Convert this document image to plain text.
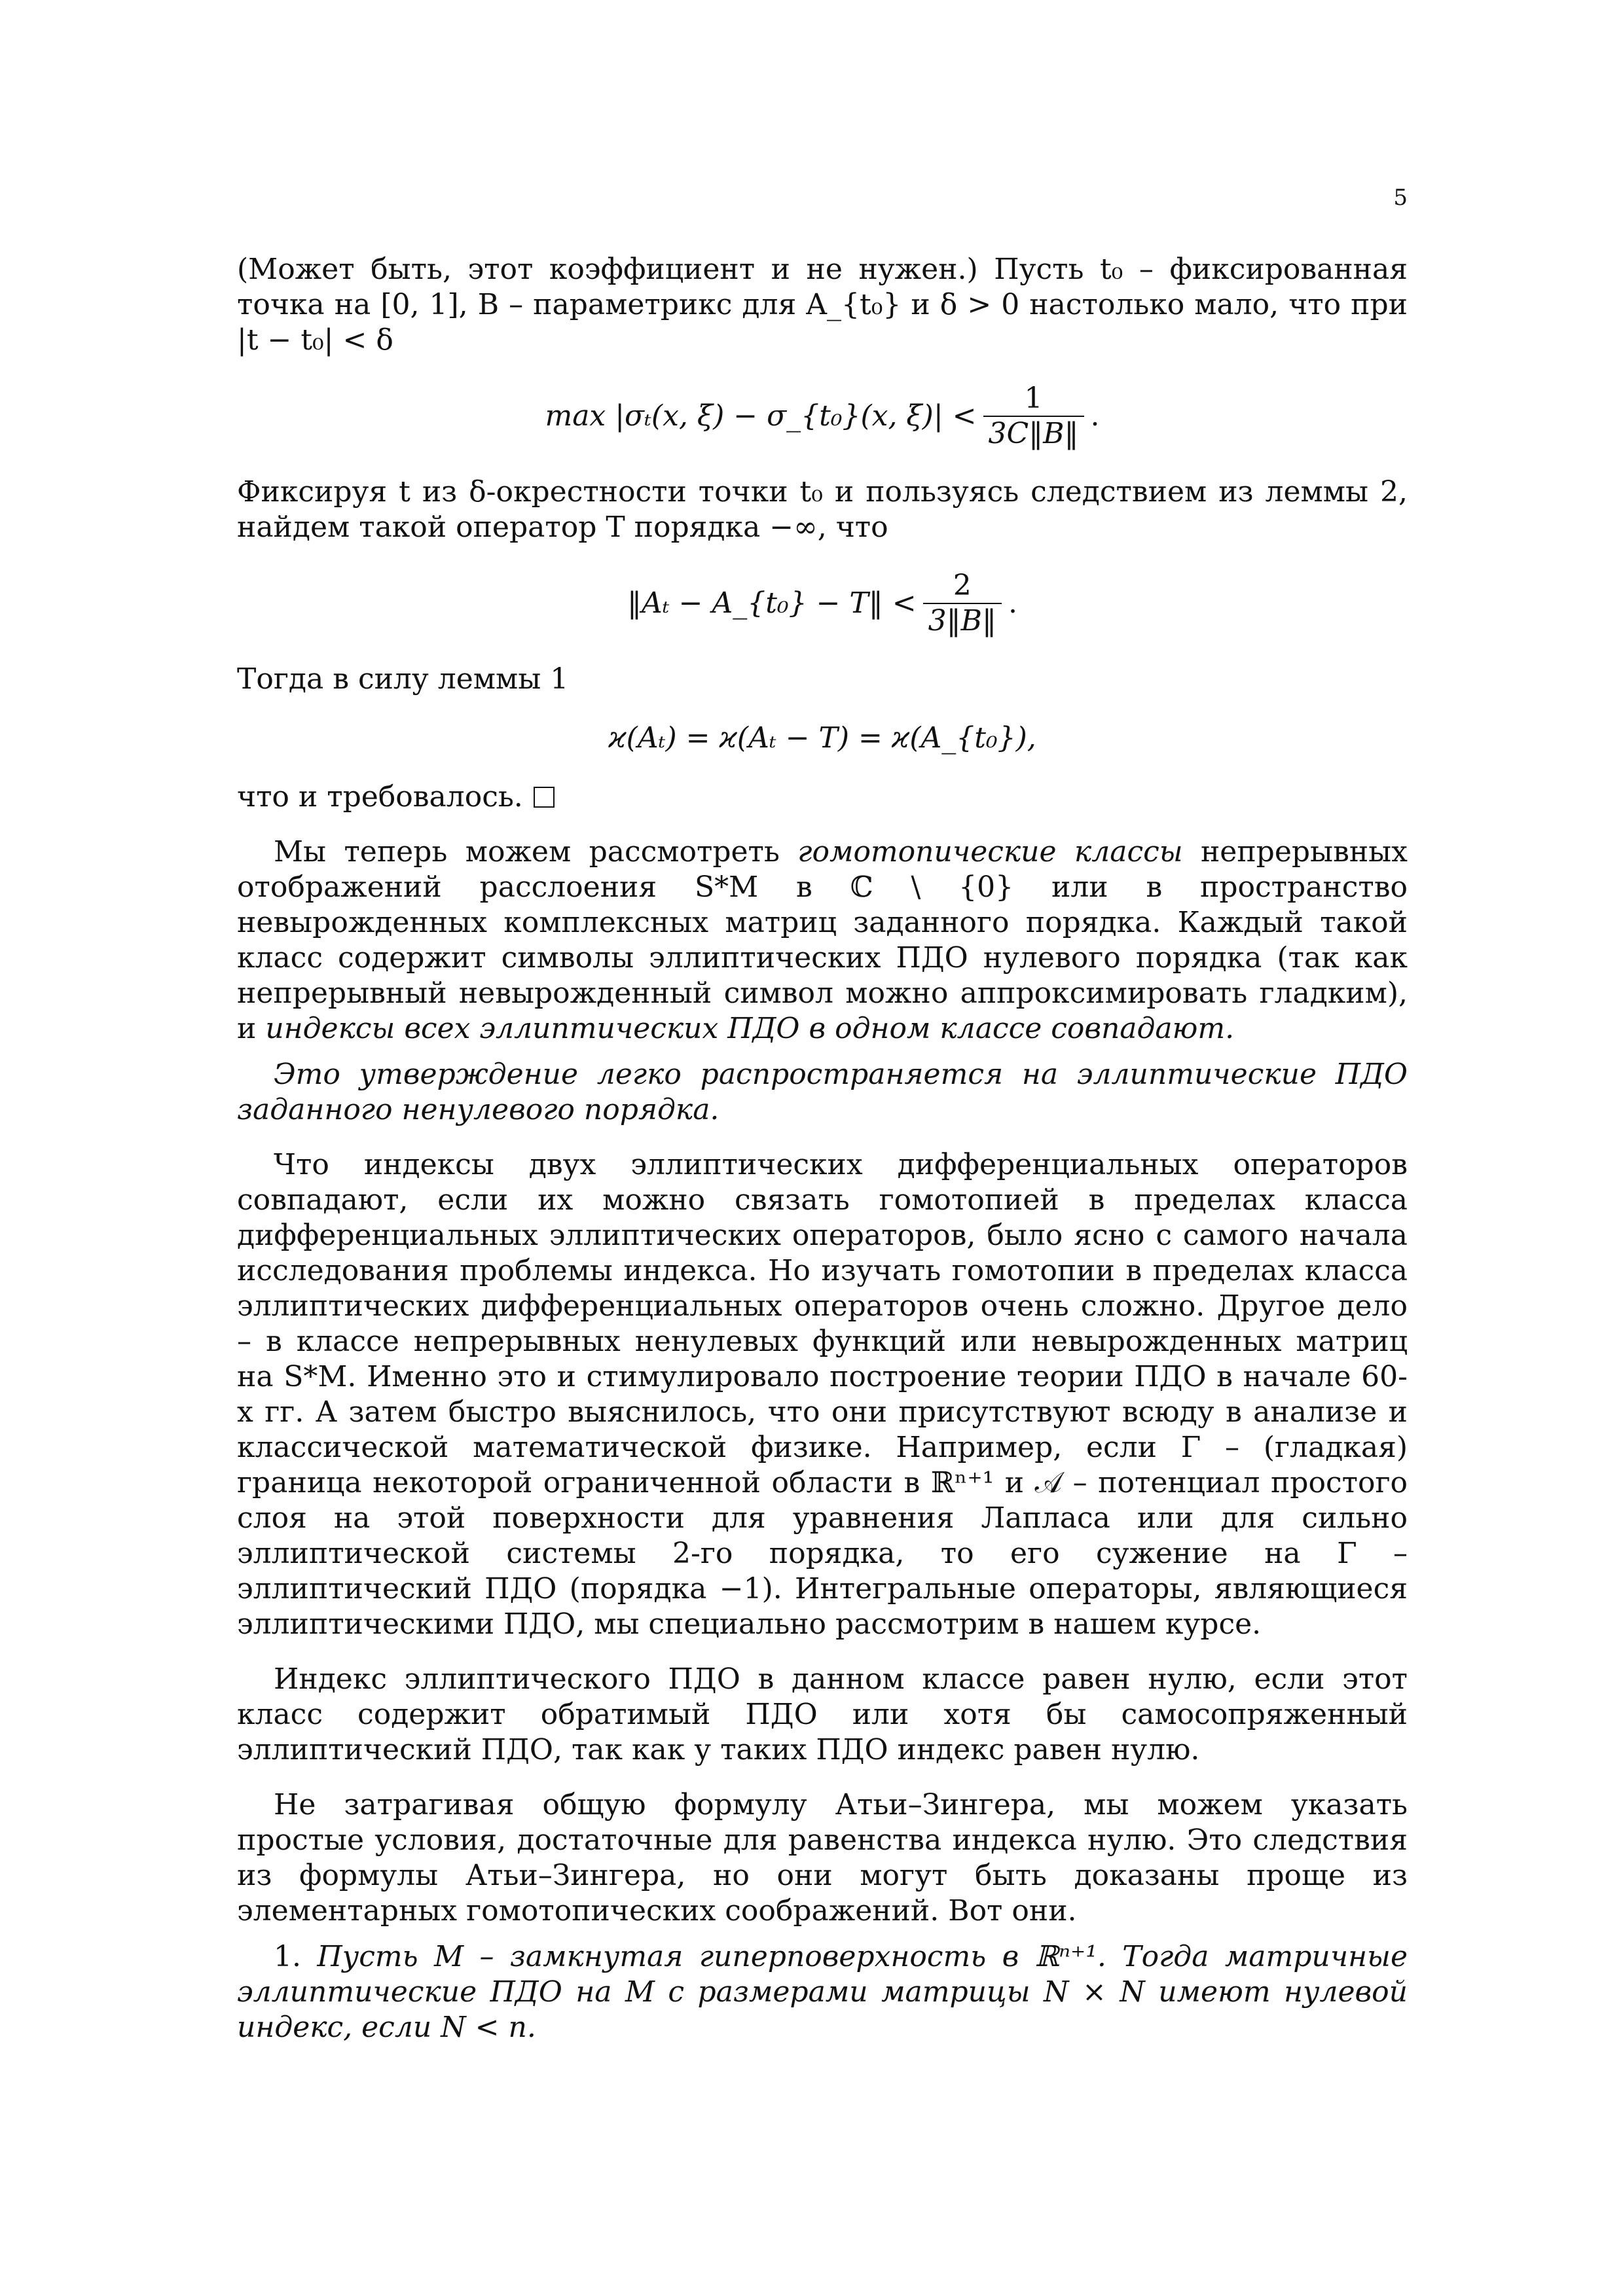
5

(Может быть, этот коэффициент и не нужен.) Пусть t₀ – фиксированная точка на [0, 1], B – параметрикс для A_{t₀} и δ > 0 настолько мало, что при |t − t₀| < δ

max |σₜ(x, ξ) − σ_{t₀}(x, $\xi)| < \frac{1}{3C‖B‖}$ .

Фиксируя t из δ-окрестности точки t₀ и пользуясь следствием из леммы 2, найдем такой оператор T порядка −∞, что

‖Aₜ − A_{t₀} − T‖ < $\frac{2}{3‖B‖}$ .

Тогда в силу леммы 1

ϰ(Aₜ) = ϰ(Aₜ − T) = ϰ(A_{t₀}),

что и требовалось.

Мы теперь можем рассмотреть гомотопические классы непрерывных отображений расслоения S*M в ℂ \ {0} или в пространство невырожденных комплексных матриц заданного порядка. Каждый такой класс содержит символы эллиптических ПДО нулевого порядка (так как непрерывный невырожденный символ можно аппроксимировать гладким), и индексы всех эллиптических ПДО в одном классе совпадают.

Это утверждение легко распространяется на эллиптические ПДО заданного ненулевого порядка.

Что индексы двух эллиптических дифференциальных операторов совпадают, если их можно связать гомотопией в пределах класса дифференциальных эллиптических операторов, было ясно с самого начала исследования проблемы индекса. Но изучать гомотопии в пределах класса эллиптических дифференциальных операторов очень сложно. Другое дело – в классе непрерывных ненулевых функций или невырожденных матриц на S*M. Именно это и стимулировало построение теории ПДО в начале 60-х гг. А затем быстро выяснилось, что они присутствуют всюду в анализе и классической математической физике. Например, если Γ – (гладкая) граница некоторой ограниченной области в ℝⁿ⁺¹ и 𝒜 – потенциал простого слоя на этой поверхности для уравнения Лапласа или для сильно эллиптической системы 2-го порядка, то его сужение на Γ – эллиптический ПДО (порядка −1). Интегральные операторы, являющиеся эллиптическими ПДО, мы специально рассмотрим в нашем курсе.

Индекс эллиптического ПДО в данном классе равен нулю, если этот класс содержит обратимый ПДО или хотя бы самосопряженный эллиптический ПДО, так как у таких ПДО индекс равен нулю.

Не затрагивая общую формулу Атьи–Зингера, мы можем указать простые условия, достаточные для равенства индекса нулю. Это следствия из формулы Атьи–Зингера, но они могут быть доказаны проще из элементарных гомотопических соображений. Вот они.

1. Пусть M – замкнутая гиперповерхность в ℝⁿ⁺¹. Тогда матричные эллиптические ПДО на M с размерами матрицы N × N имеют нулевой индекс, если N < n.
